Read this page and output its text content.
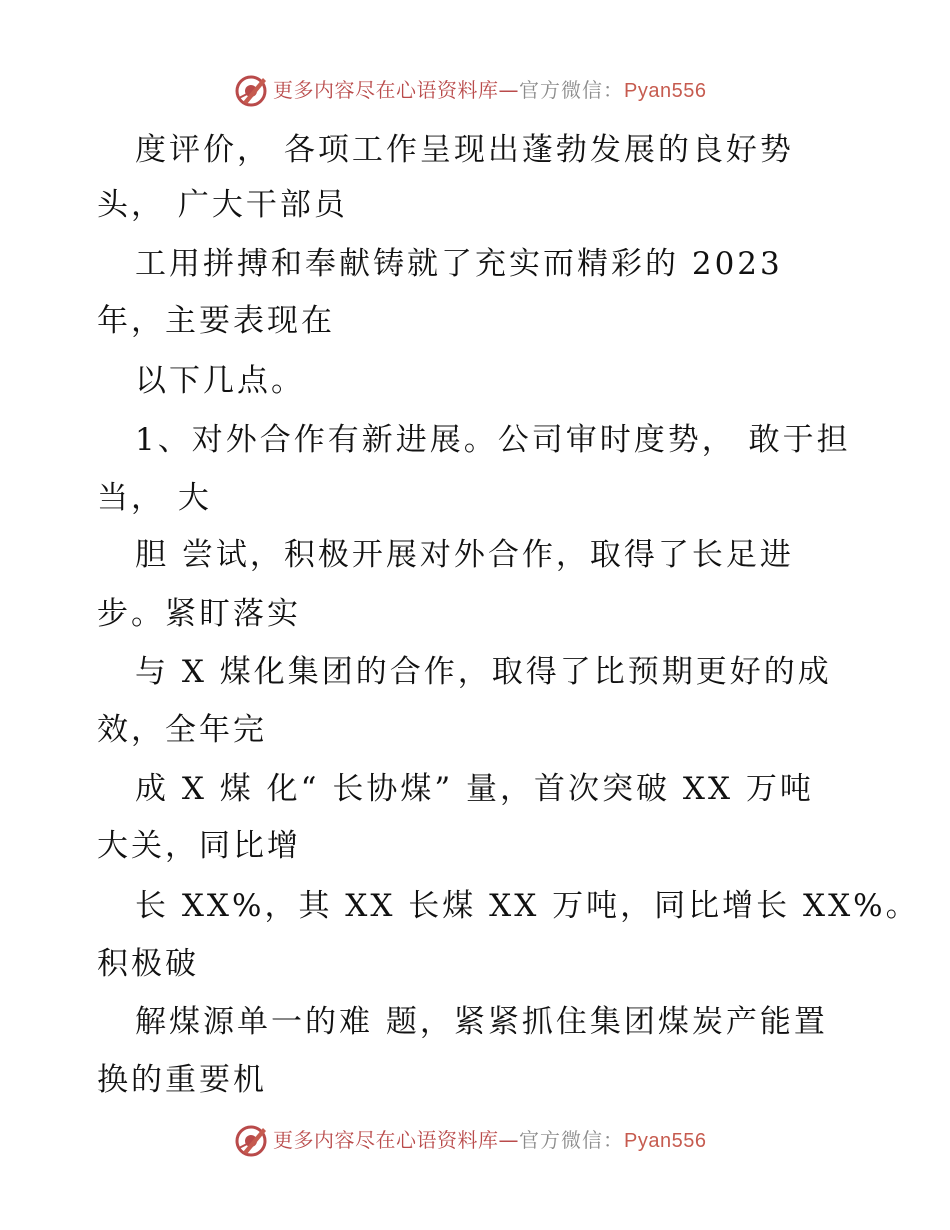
更多内容尽在心语资料库—官方微信：Pyan556
度评价， 各项工作呈现出蓬勃发展的良好势
头， 广大干部员
工用拼搏和奉献铸就了充实而精彩的 2023
年，主要表现在
以下几点。
1、对外合作有新进展。公司审时度势， 敢于担
当， 大
胆 尝试，积极开展对外合作，取得了长足进
步。紧盯落实
与 X 煤化集团的合作，取得了比预期更好的成
效，全年完
成 X 煤 化“ 长协煤” 量，首次突破 XX 万吨
大关，同比增
长 XX%，其 XX 长煤 XX 万吨，同比增长 XX%。
积极破
解煤源单一的难 题，紧紧抓住集团煤炭产能置
换的重要机
更多内容尽在心语资料库—官方微信：Pyan556
